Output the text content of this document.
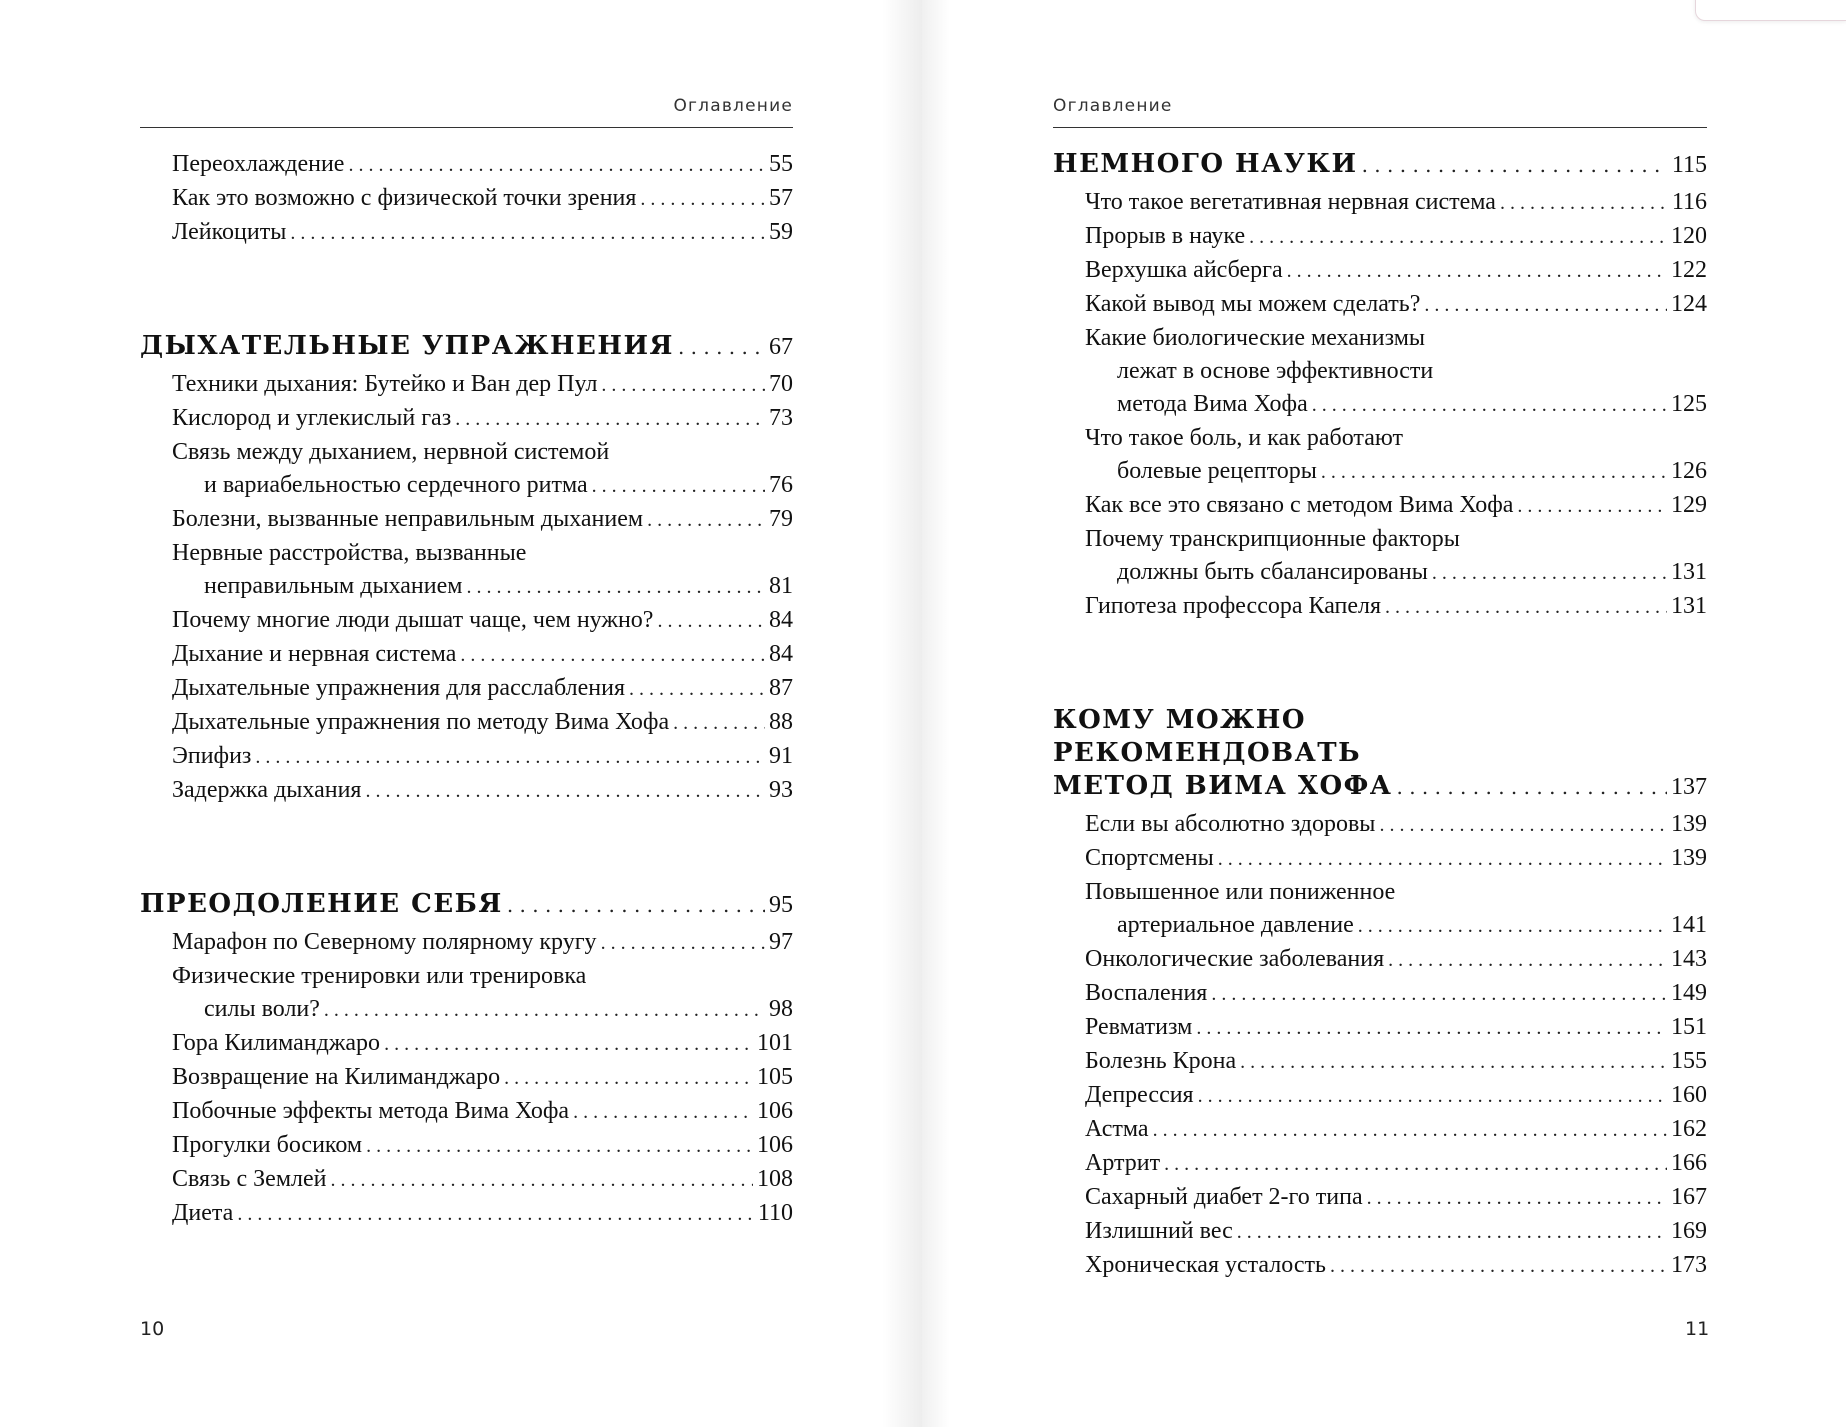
Оглавление
Переохлаждение . . .	55
Как это возможно с физической точки зрения . . .	57
Лейкоциты . . .	59
ДЫХАТЕЛЬНЫЕ УПРАЖНЕНИЯ . . .	67
Техники дыхания: Бутейко и Ван дер Пул . . .	70
Кислород и углекислый газ . . .	73
Связь между дыханием, нервной системой
и вариабельностью сердечного ритма . . .	76
Болезни, вызванные неправильным дыханием . . .	79
Нервные расстройства, вызванные
неправильным дыханием . . .	81
Почему многие люди дышат чаще, чем нужно? . . .	84
Дыхание и нервная система . . .	84
Дыхательные упражнения для расслабления . . .	87
Дыхательные упражнения по методу Вима Хофа . . .	88
Эпифиз . . .	91
Задержка дыхания . . .	93
ПРЕОДОЛЕНИЕ СЕБЯ . . .	95
Марафон по Северному полярному кругу . . .	97
Физические тренировки или тренировка
силы воли? . . .	98
Гора Килиманджаро . . .	101
Возвращение на Килиманджаро . . .	105
Побочные эффекты метода Вима Хофа . . .	106
Прогулки босиком . . .	106
Связь с Землей . . .	108
Диета . . .	110
10
Оглавление
НЕМНОГО НАУКИ . . .	115
Что такое вегетативная нервная система . . .	116
Прорыв в науке . . .	120
Верхушка айсберга . . .	122
Какой вывод мы можем сделать? . . .	124
Какие биологические механизмы
лежат в основе эффективности
метода Вима Хофа . . .	125
Что такое боль, и как работают
болевые рецепторы . . .	126
Как все это связано с методом Вима Хофа . . .	129
Почему транскрипционные факторы
должны быть сбалансированы . . .	131
Гипотеза профессора Капеля . . .	131
КОМУ МОЖНО
РЕКОМЕНДОВАТЬ
МЕТОД ВИМА ХОФА . . .	137
Если вы абсолютно здоровы . . .	139
Спортсмены . . .	139
Повышенное или пониженное
артериальное давление . . .	141
Онкологические заболевания . . .	143
Воспаления . . .	149
Ревматизм . . .	151
Болезнь Крона . . .	155
Депрессия . . .	160
Астма . . .	162
Артрит . . .	166
Сахарный диабет 2-го типа . . .	167
Излишний вес . . .	169
Хроническая усталость . . .	173
11
